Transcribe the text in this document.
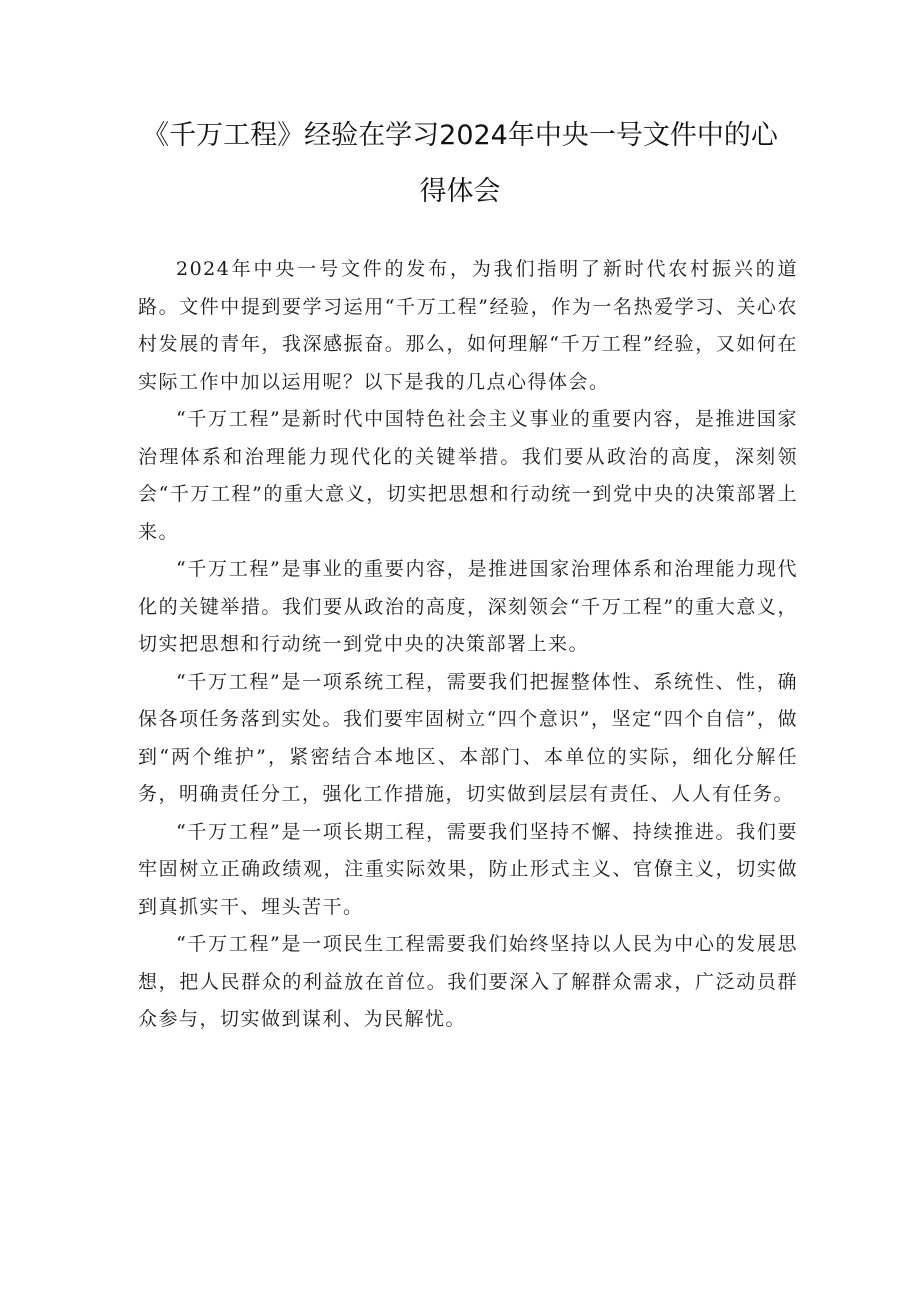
《千万工程》经验在学习2024年中央一号文件中的心
得体会

2024年中央一号文件的发布，为我们指明了新时代农村振兴的道路。文件中提到要学习运用“千万工程”经验，作为一名热爱学习、关心农村发展的青年，我深感振奋。那么，如何理解“千万工程”经验，又如何在实际工作中加以运用呢？以下是我的几点心得体会。

“千万工程”是新时代中国特色社会主义事业的重要内容，是推进国家治理体系和治理能力现代化的关键举措。我们要从政治的高度，深刻领会“千万工程”的重大意义，切实把思想和行动统一到党中央的决策部署上来。

“千万工程”是事业的重要内容，是推进国家治理体系和治理能力现代化的关键举措。我们要从政治的高度，深刻领会“千万工程”的重大意义，切实把思想和行动统一到党中央的决策部署上来。

“千万工程”是一项系统工程，需要我们把握整体性、系统性、性，确保各项任务落到实处。我们要牢固树立“四个意识”，坚定“四个自信”，做到“两个维护”，紧密结合本地区、本部门、本单位的实际，细化分解任务，明确责任分工，强化工作措施，切实做到层层有责任、人人有任务。

“千万工程”是一项长期工程，需要我们坚持不懈、持续推进。我们要牢固树立正确政绩观，注重实际效果，防止形式主义、官僚主义，切实做到真抓实干、埋头苦干。

“千万工程”是一项民生工程需要我们始终坚持以人民为中心的发展思想，把人民群众的利益放在首位。我们要深入了解群众需求，广泛动员群众参与，切实做到谋利、为民解忧。
